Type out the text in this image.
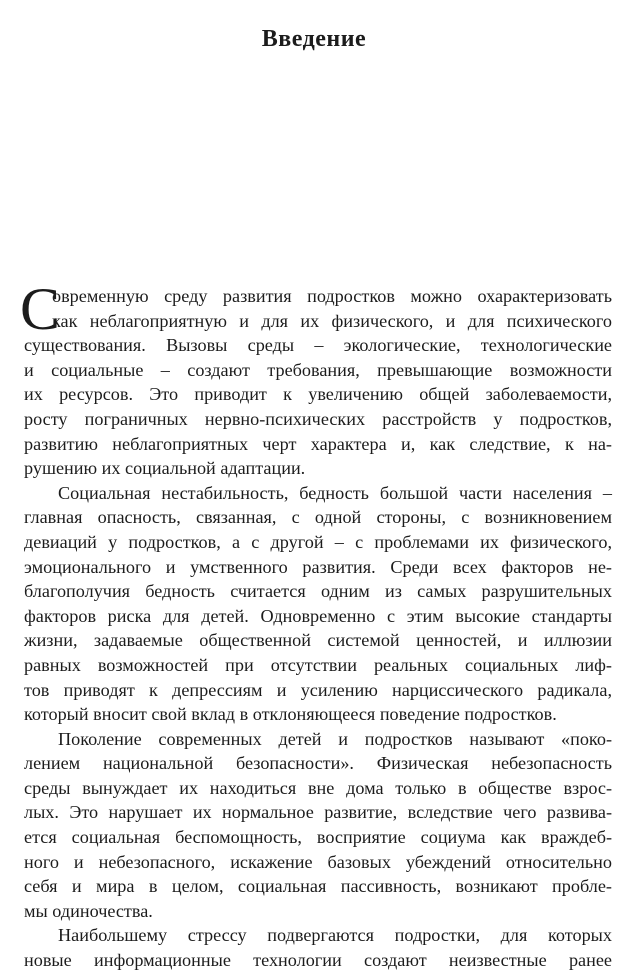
Введение
С
овременную среду развития подростков можно охарактеризовать
как неблагоприятную и для их физического, и для психического
существования. Вызовы среды – экологические, технологические
и социальные – создают требования, превышающие возможности
их ресурсов. Это приводит к увеличению общей заболеваемости,
росту пограничных нервно-психических расстройств у подростков,
развитию неблагоприятных черт характера и, как следствие, к на-
рушению их социальной адаптации.
Социальная нестабильность, бедность большой части населения –
главная опасность, связанная, с одной стороны, с возникновением
девиаций у подростков, а с другой – с проблемами их физического,
эмоционального и умственного развития. Среди всех факторов не-
благополучия бедность считается одним из самых разрушительных
факторов риска для детей. Одновременно с этим высокие стандарты
жизни, задаваемые общественной системой ценностей, и иллюзии
равных возможностей при отсутствии реальных социальных лиф-
тов приводят к депрессиям и усилению нарциссического радикала,
который вносит свой вклад в отклоняющееся поведение подростков.
Поколение современных детей и подростков называют «поко-
лением национальной безопасности». Физическая небезопасность
среды вынуждает их находиться вне дома только в обществе взрос-
лых. Это нарушает их нормальное развитие, вследствие чего развива-
ется социальная беспомощность, восприятие социума как враждеб-
ного и небезопасного, искажение базовых убеждений относительно
себя и мира в целом, социальная пассивность, возникают пробле-
мы одиночества.
Наибольшему стрессу подвергаются подростки, для которых
новые информационные технологии создают неизвестные ранее
